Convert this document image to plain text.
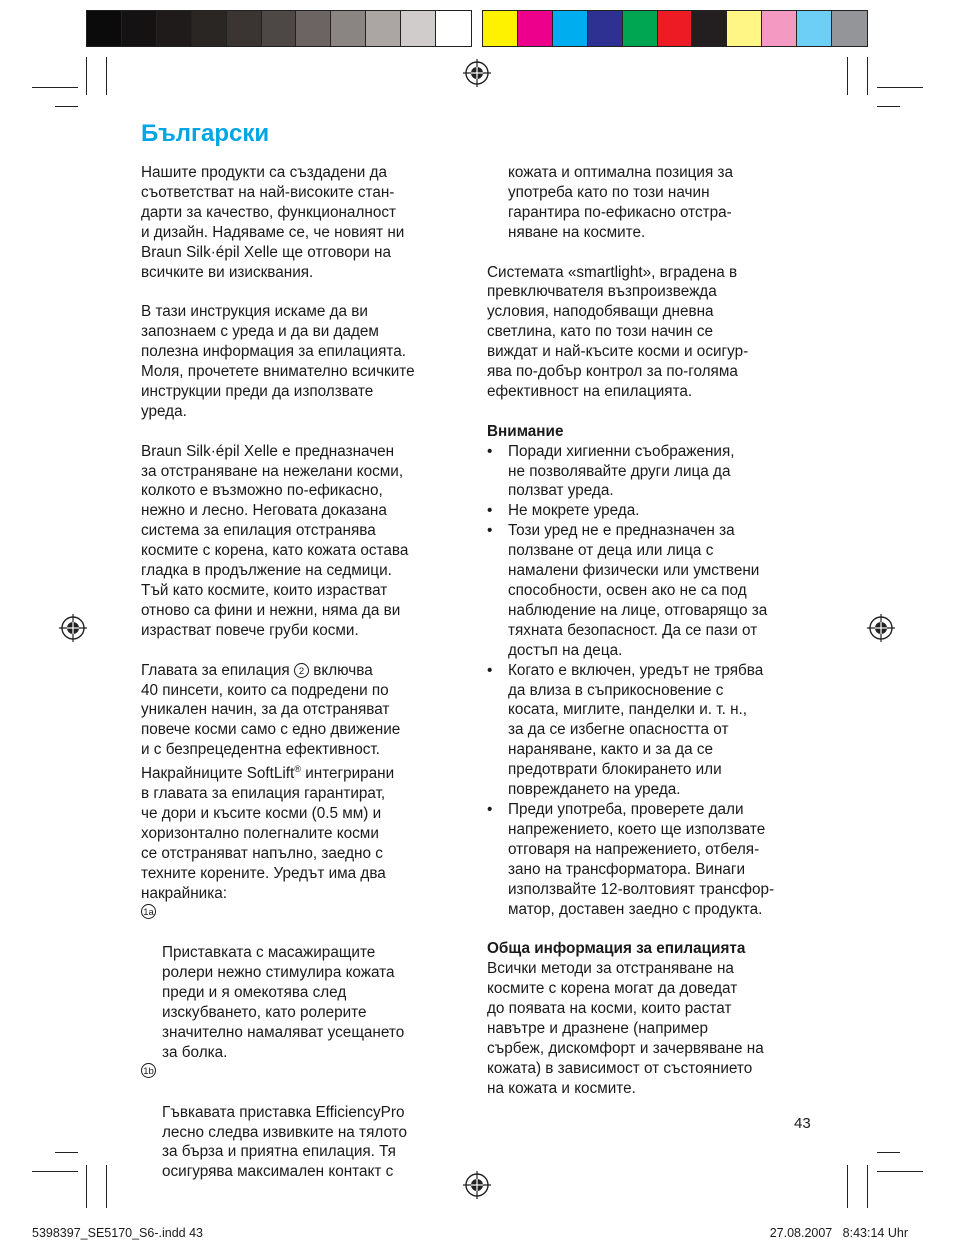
Български

Нашите продукти са създадени да
съответстват на най-високите стан-
дарти за качество, функционалност
и дизайн. Надяваме се, че новият ни
Braun Silk·épil Xelle ще отговори на
всичките ви изисквания.

В тази инструкция искаме да ви
запознаем с уреда и да ви дадем
полезна информация за епилацията.
Моля, прочетете внимателно всичките
инструкции преди да използвате
уреда.

Braun Silk·épil Xelle е предназначен
за отстраняване на нежелани косми,
колкото е възможно по-ефикасно,
нежно и лесно. Неговата доказана
система за епилация отстранява
космите с корена, като кожата остава
гладка в продължение на седмици.
Тъй като космите, които израстват
отново са фини и нежни, няма да ви
израстват повече груби косми.

Главата за епилация 2 включва
40 пинсети, които са подредени по
уникален начин, за да отстраняват
повече косми само с едно движение
и с безпрецедентна ефективност.
Накрайниците SoftLift® интегрирани
в главата за епилация гарантират,
че дори и късите косми (0.5 мм) и
хоризонтално полегналите косми
се отстраняват напълно, заедно с
техните корените. Уредът има два
накрайника:

1a

Приставката с масажиращите
ролери нежно стимулира кожата
преди и я омекотява след
изскубването, като ролерите
значително намаляват усещането
за болка.

1b

Гъвкавата приставка EfficiencyPro
лесно следва извивките на тялото
за бърза и приятна епилация. Тя
осигурява максимален контакт с

кожата и оптимална позиция за
употреба като по този начин
гарантира по-ефикасно отстра-
няване на космите.

Системата «smartlight», вградена в
превключвателя възпроизвежда
условия, наподобяващи дневна
светлина, като по този начин се
виждат и най-късите косми и осигур-
ява по-добър контрол за по-голяма
ефективност на епилацията.

Внимание
• Поради хигиенни съображения,
не позволявайте други лица да
ползват уреда.
• Не мокрете уреда.
• Този уред не е предназначен за
ползване от деца или лица с
намалени физически или умствени
способности, освен ако не са под
наблюдение на лице, отговарящо за
тяхната безопасност. Да се пази от
достъп на деца.
• Когато е включен, уредът не трябва
да влиза в съприкосновение с
косата, миглите, панделки и. т. н.,
за да се избегне опасността от
нараняване, както и за да се
предотврати блокирането или
повреждането на уреда.
• Преди употреба, проверете дали
напрежението, което ще използвате
отговаря на напрежението, отбеля-
зано на трансформатора. Винаги
използвайте 12-волтовият трансфор-
матор, доставен заедно с продукта.
Обща информация за епилацията

Всички методи за отстраняване на
космите с корена могат да доведат
до появата на косми, които растат
навътре и дразнене (например
сърбеж, дискомфорт и зачервяване на
кожата) в зависимост от състоянието
на кожата и космите.

43
5398397_SE5170_S6-.indd 43	27.08.2007   8:43:14 Uhr
